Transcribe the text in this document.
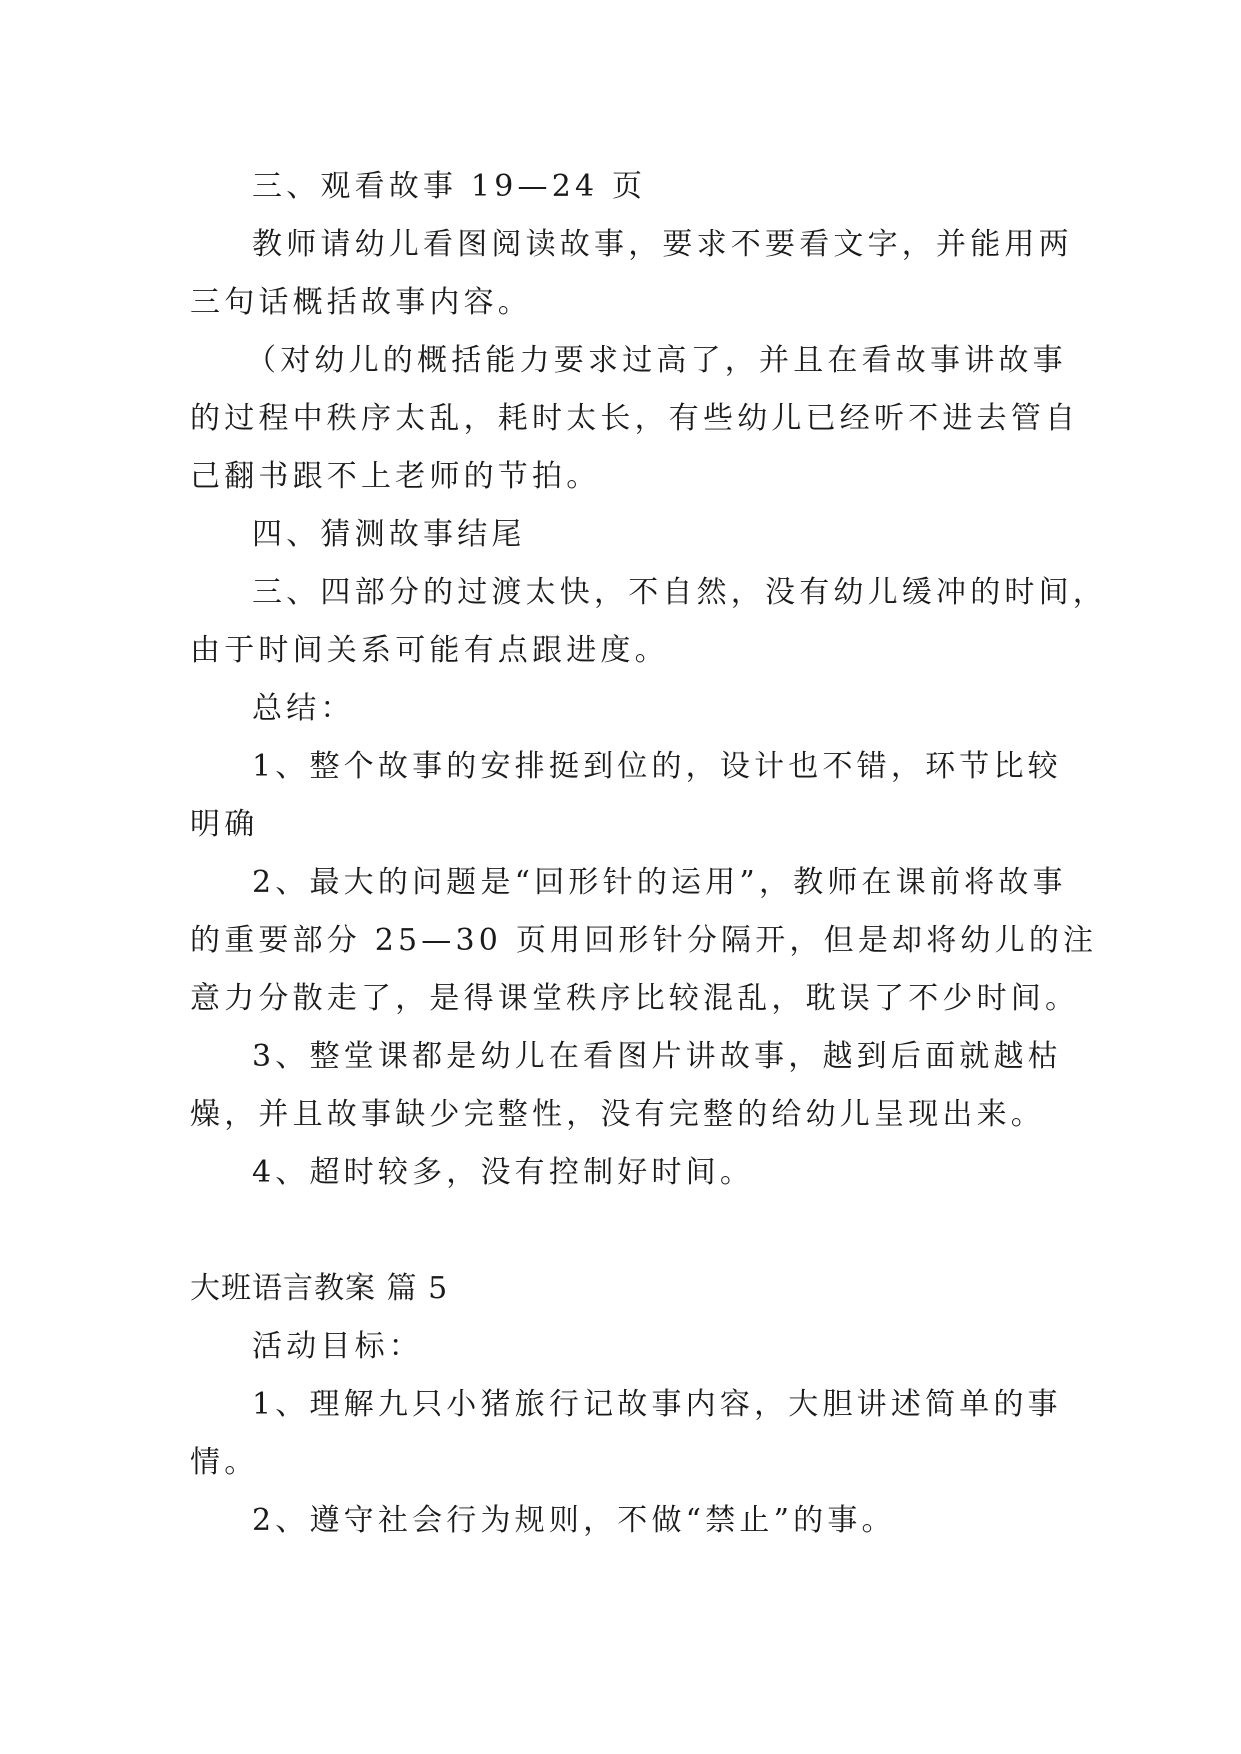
三、观看故事 19—24 页
教师请幼儿看图阅读故事，要求不要看文字，并能用两
三句话概括故事内容。
（对幼儿的概括能力要求过高了，并且在看故事讲故事
的过程中秩序太乱，耗时太长，有些幼儿已经听不进去管自
己翻书跟不上老师的节拍。
四、猜测故事结尾
三、四部分的过渡太快，不自然，没有幼儿缓冲的时间，
由于时间关系可能有点跟进度。
总结：
1、整个故事的安排挺到位的，设计也不错，环节比较
明确
2、最大的问题是“回形针的运用”，教师在课前将故事
的重要部分 25—30 页用回形针分隔开，但是却将幼儿的注
意力分散走了，是得课堂秩序比较混乱，耽误了不少时间。
3、整堂课都是幼儿在看图片讲故事，越到后面就越枯
燥，并且故事缺少完整性，没有完整的给幼儿呈现出来。
4、超时较多，没有控制好时间。
大班语言教案 篇 5
活动目标：
1、理解九只小猪旅行记故事内容，大胆讲述简单的事
情。
2、遵守社会行为规则，不做“禁止”的事。
